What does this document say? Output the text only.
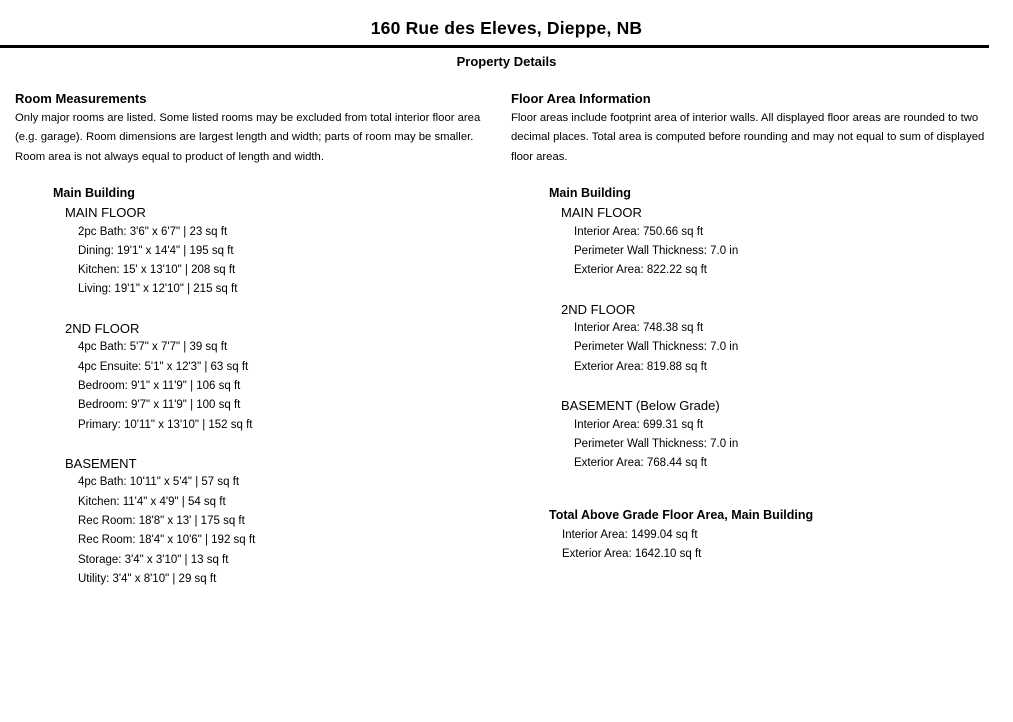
160 Rue des Eleves, Dieppe, NB
Property Details
Room Measurements
Only major rooms are listed. Some listed rooms may be excluded from total interior floor area
(e.g. garage). Room dimensions are largest length and width; parts of room may be smaller.
Room area is not always equal to product of length and width.
Main Building
MAIN FLOOR
2pc Bath: 3'6" x 6'7" | 23 sq ft
Dining: 19'1" x 14'4" | 195 sq ft
Kitchen: 15' x 13'10" | 208 sq ft
Living: 19'1" x 12'10" | 215 sq ft
2ND FLOOR
4pc Bath: 5'7" x 7'7" | 39 sq ft
4pc Ensuite: 5'1" x 12'3" | 63 sq ft
Bedroom: 9'1" x 11'9" | 106 sq ft
Bedroom: 9'7" x 11'9" | 100 sq ft
Primary: 10'11" x 13'10" | 152 sq ft
BASEMENT
4pc Bath: 10'11" x 5'4" | 57 sq ft
Kitchen: 11'4" x 4'9" | 54 sq ft
Rec Room: 18'8" x 13' | 175 sq ft
Rec Room: 18'4" x 10'6" | 192 sq ft
Storage: 3'4" x 3'10" | 13 sq ft
Utility: 3'4" x 8'10" | 29 sq ft
Floor Area Information
Floor areas include footprint area of interior walls. All displayed floor areas are rounded to two
decimal places. Total area is computed before rounding and may not equal to sum of displayed
floor areas.
Main Building
MAIN FLOOR
Interior Area: 750.66 sq ft
Perimeter Wall Thickness: 7.0 in
Exterior Area: 822.22 sq ft
2ND FLOOR
Interior Area: 748.38 sq ft
Perimeter Wall Thickness: 7.0 in
Exterior Area: 819.88 sq ft
BASEMENT (Below Grade)
Interior Area: 699.31 sq ft
Perimeter Wall Thickness: 7.0 in
Exterior Area: 768.44 sq ft
Total Above Grade Floor Area, Main Building
Interior Area: 1499.04 sq ft
Exterior Area: 1642.10 sq ft
